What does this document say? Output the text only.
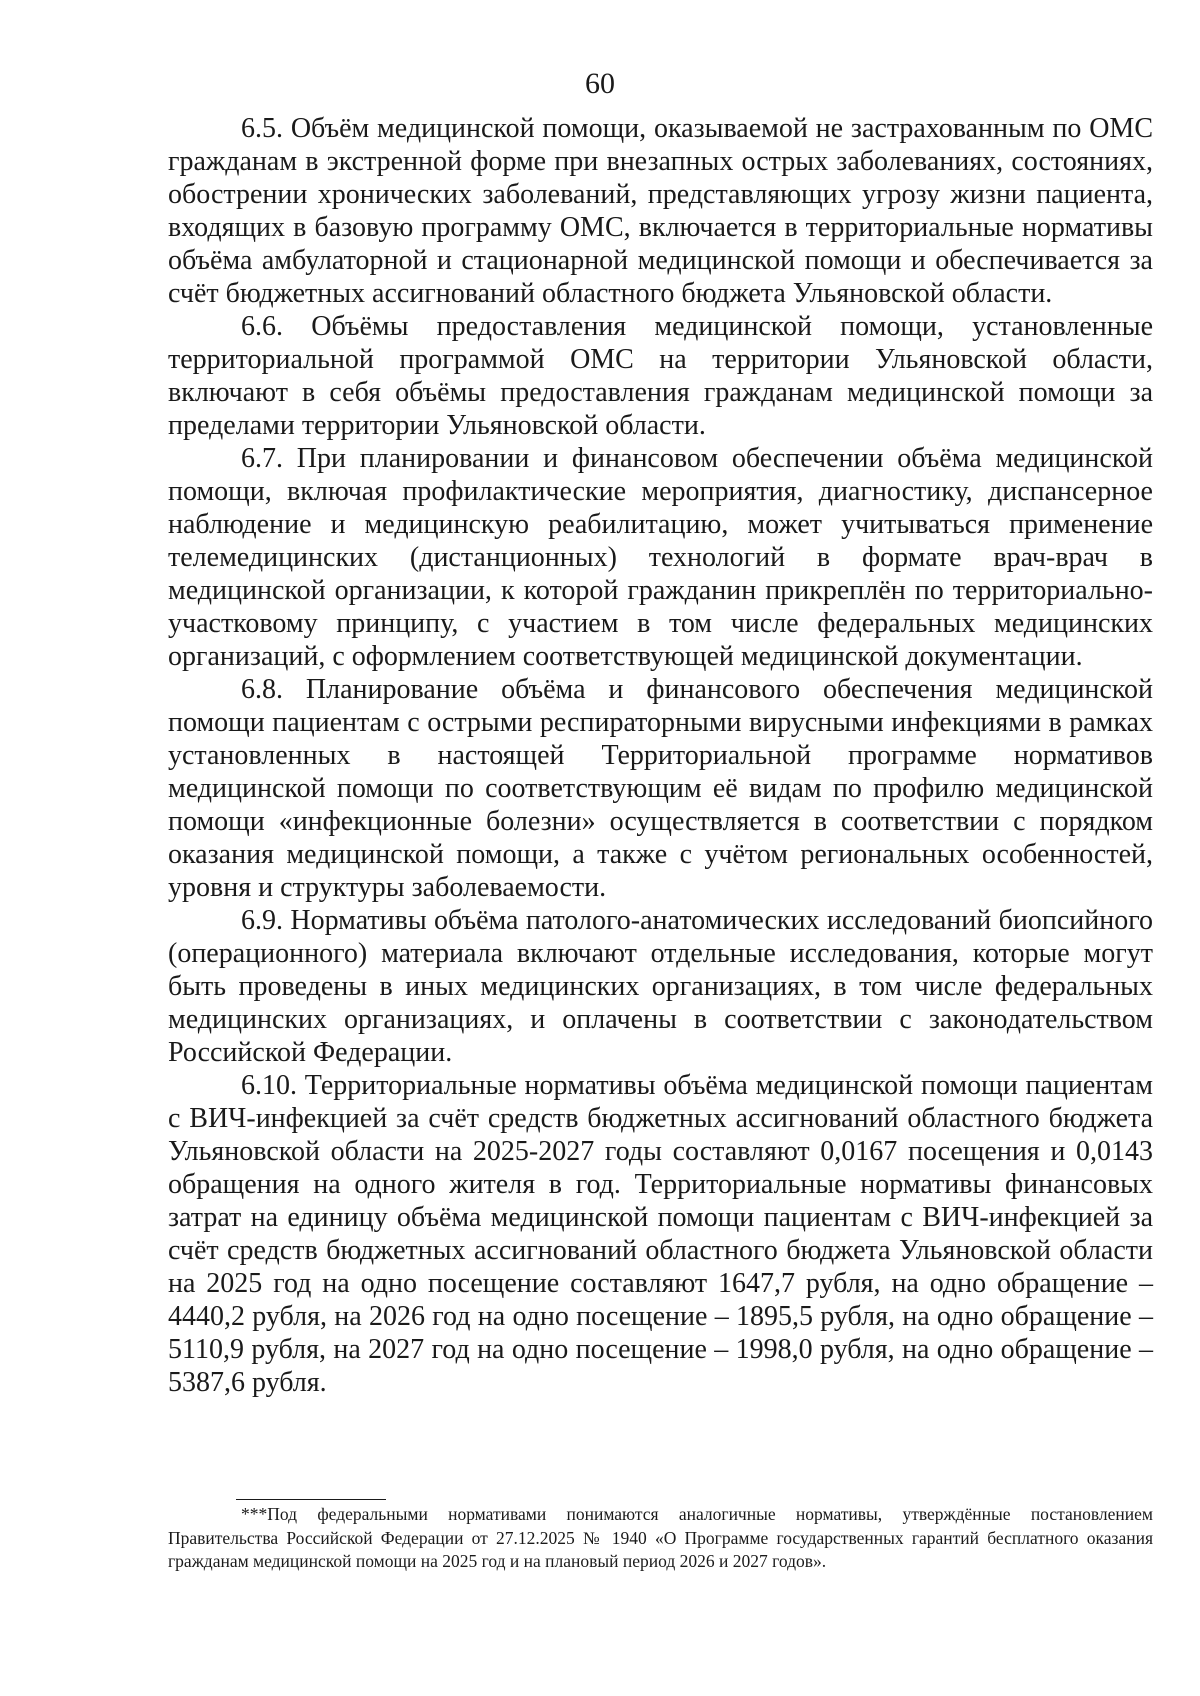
60

6.5. Объём медицинской помощи, оказываемой не застрахованным по ОМС гражданам в экстренной форме при внезапных острых заболеваниях, состояниях, обострении хронических заболеваний, представляющих угрозу жизни пациента, входящих в базовую программу ОМС, включается в территориальные нормативы объёма амбулаторной и стационарной медицинской помощи и обеспечивается за счёт бюджетных ассигнований областного бюджета Ульяновской области.

6.6. Объёмы предоставления медицинской помощи, установленные территориальной программой ОМС на территории Ульяновской области, включают в себя объёмы предоставления гражданам медицинской помощи за пределами территории Ульяновской области.

6.7. При планировании и финансовом обеспечении объёма медицинской помощи, включая профилактические мероприятия, диагностику, диспансерное наблюдение и медицинскую реабилитацию, может учитываться применение телемедицинских (дистанционных) технологий в формате врач-врач в медицинской организации, к которой гражданин прикреплён по территориально-участковому принципу, с участием в том числе федеральных медицинских организаций, с оформлением соответствующей медицинской документации.

6.8. Планирование объёма и финансового обеспечения медицинской помощи пациентам с острыми респираторными вирусными инфекциями в рамках установленных в настоящей Территориальной программе нормативов медицинской помощи по соответствующим её видам по профилю медицинской помощи «инфекционные болезни» осуществляется в соответствии с порядком оказания медицинской помощи, а также с учётом региональных особенностей, уровня и структуры заболеваемости.

6.9. Нормативы объёма патолого-анатомических исследований биопсийного (операционного) материала включают отдельные исследования, которые могут быть проведены в иных медицинских организациях, в том числе федеральных медицинских организациях, и оплачены в соответствии с законодательством Российской Федерации.

6.10. Территориальные нормативы объёма медицинской помощи пациентам с ВИЧ-инфекцией за счёт средств бюджетных ассигнований областного бюджета Ульяновской области на 2025-2027 годы составляют 0,0167 посещения и 0,0143 обращения на одного жителя в год. Территориальные нормативы финансовых затрат на единицу объёма медицинской помощи пациентам с ВИЧ-инфекцией за счёт средств бюджетных ассигнований областного бюджета Ульяновской области на 2025 год на одно посещение составляют 1647,7 рубля, на одно обращение – 4440,2 рубля, на 2026 год на одно посещение – 1895,5 рубля, на одно обращение – 5110,9 рубля, на 2027 год на одно посещение – 1998,0 рубля, на одно обращение – 5387,6 рубля.

***Под федеральными нормативами понимаются аналогичные нормативы, утверждённые постановлением Правительства Российской Федерации от 27.12.2025 № 1940 «О Программе государственных гарантий бесплатного оказания гражданам медицинской помощи на 2025 год и на плановый период 2026 и 2027 годов».
